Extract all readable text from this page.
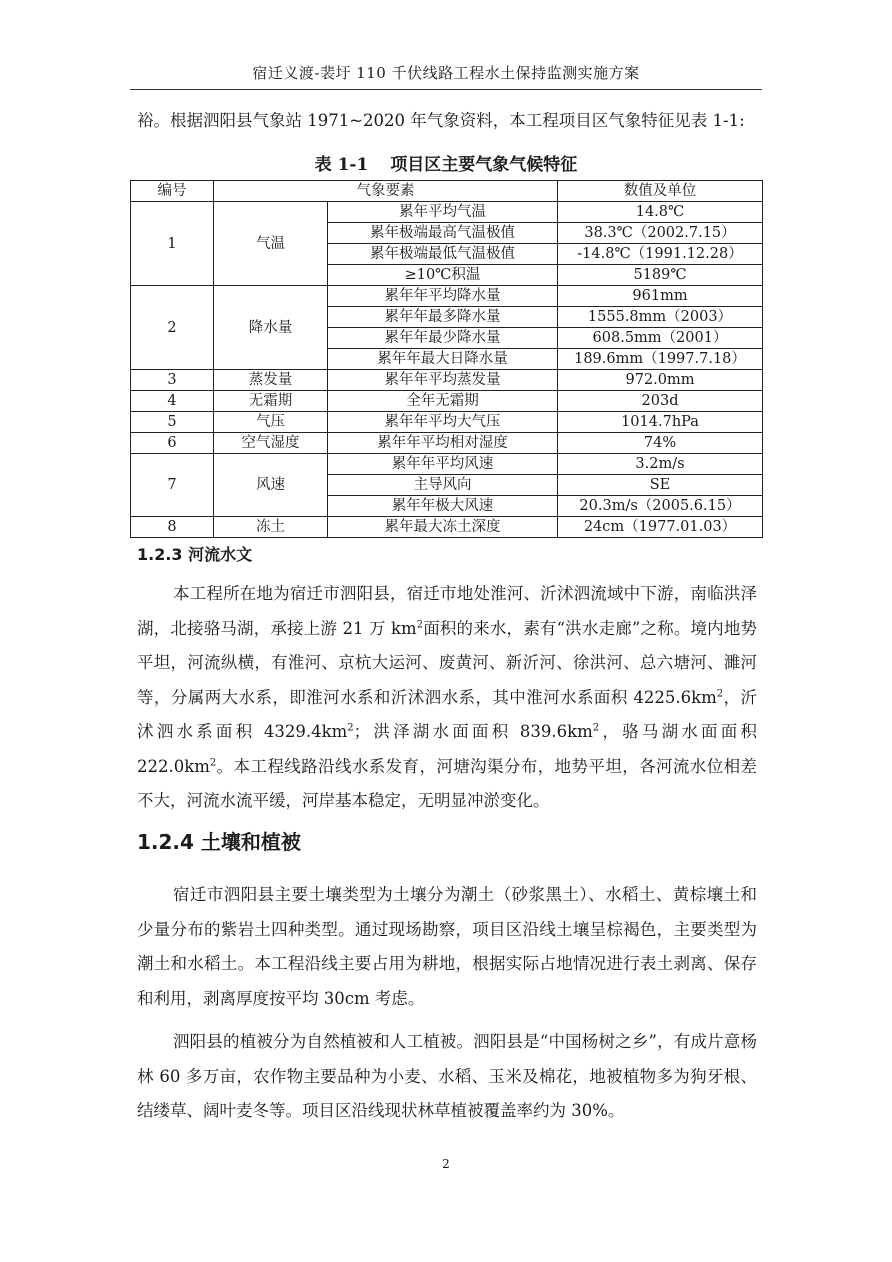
宿迁义渡-裴圩 110 千伏线路工程水土保持监测实施方案

裕。根据泗阳县气象站 1971~2020 年气象资料，本工程项目区气象特征见表 1-1:

表 1-1 项目区主要气象气候特征
编号	气象要素		数值及单位
1	气温	累年平均气温	14.8℃
		累年极端最高气温极值	38.3℃（2002.7.15）
		累年极端最低气温极值	-14.8℃（1991.12.28）
		≥10℃积温	5189℃
2	降水量	累年年平均降水量	961mm
		累年年最多降水量	1555.8mm（2003）
		累年年最少降水量	608.5mm（2001）
		累年年最大日降水量	189.6mm（1997.7.18）
3	蒸发量	累年年平均蒸发量	972.0mm
4	无霜期	全年无霜期	203d
5	气压	累年年平均大气压	1014.7hPa
6	空气湿度	累年年平均相对湿度	74%
7	风速	累年年平均风速	3.2m/s
		主导风向	SE
		累年年极大风速	20.3m/s（2005.6.15）
8	冻土	累年最大冻土深度	24cm（1977.01.03）
1.2.3 河流水文

本工程所在地为宿迁市泗阳县，宿迁市地处淮河、沂沭泗流域中下游，南临洪泽湖，北接骆马湖，承接上游 21 万 $km^2$面积的来水，素有“洪水走廊”之称。境内地势平坦，河流纵横，有淮河、京杭大运河、废黄河、新沂河、徐洪河、总六塘河、濉河等，分属两大水系，即淮河水系和沂沭泗水系，其中淮河水系面积 $4225.6km^2$，沂沭泗水系面积 $4329.4km^2$；洪泽湖水面面积 $839.6km^2$，骆马湖水面面积 $222.0km^2$。本工程线路沿线水系发育，河塘沟渠分布，地势平坦，各河流水位相差不大，河流水流平缓，河岸基本稳定，无明显冲淤变化。

1.2.4 土壤和植被

宿迁市泗阳县主要土壤类型为土壤分为潮土（砂浆黑土）、水稻土、黄棕壤土和少量分布的紫岩土四种类型。通过现场勘察，项目区沿线土壤呈棕褐色，主要类型为潮土和水稻土。本工程沿线主要占用为耕地，根据实际占地情况进行表土剥离、保存和利用，剥离厚度按平均 30cm 考虑。

泗阳县的植被分为自然植被和人工植被。泗阳县是“中国杨树之乡”，有成片意杨林 60 多万亩，农作物主要品种为小麦、水稻、玉米及棉花，地被植物多为狗牙根、结缕草、阔叶麦冬等。项目区沿线现状林草植被覆盖率约为 30%。

2
